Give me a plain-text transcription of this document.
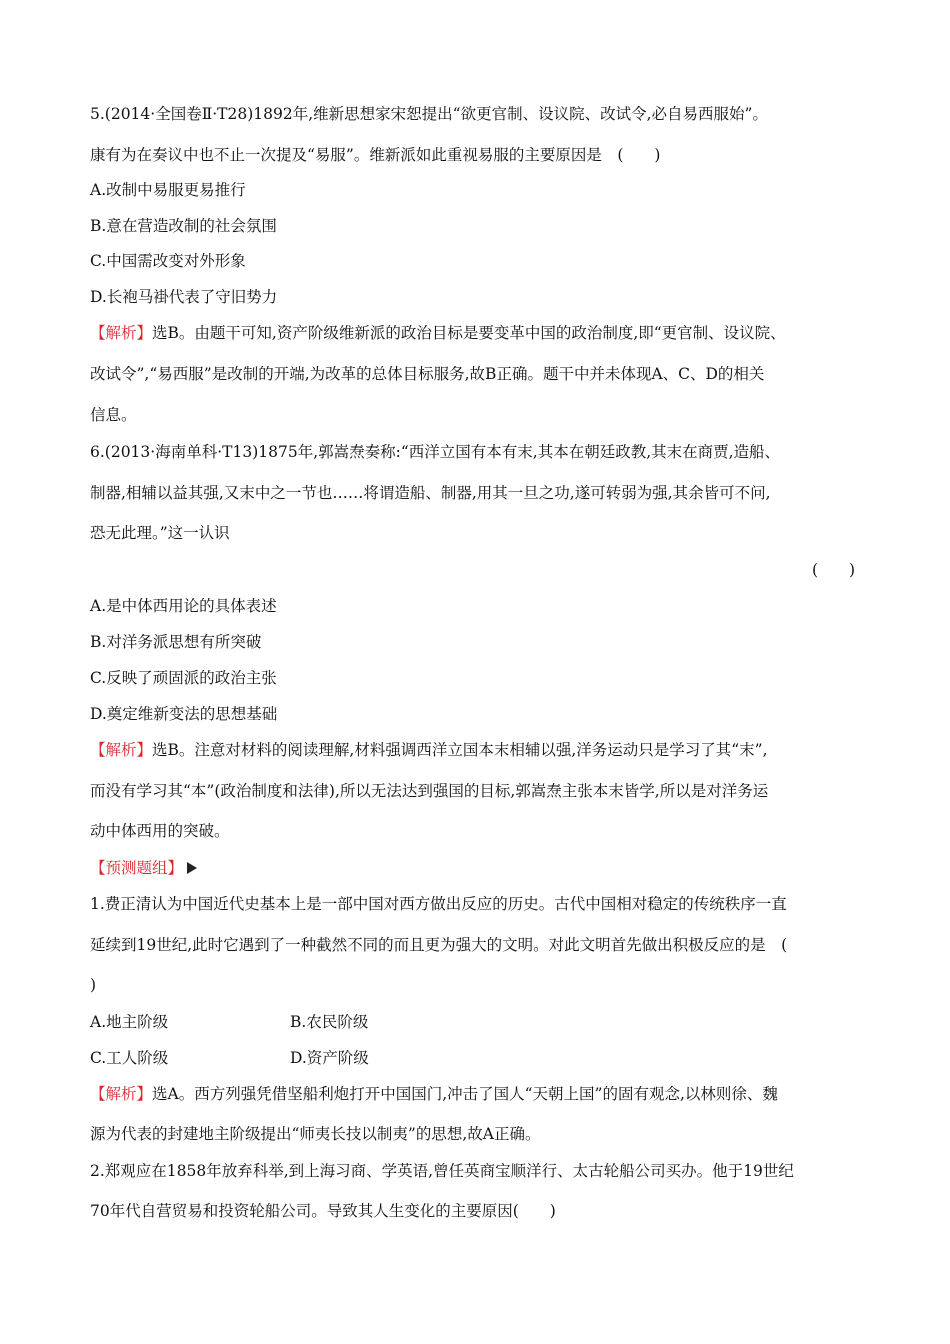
5.(2014·全国卷Ⅱ·T28)1892年,维新思想家宋恕提出“欲更官制、设议院、改试令,必自易西服始”。
康有为在奏议中也不止一次提及“易服”。维新派如此重视易服的主要原因是　(　　)
A.改制中易服更易推行
B.意在营造改制的社会氛围
C.中国需改变对外形象
D.长袍马褂代表了守旧势力
【解析】选B。由题干可知,资产阶级维新派的政治目标是要变革中国的政治制度,即“更官制、设议院、
改试令”,“易西服”是改制的开端,为改革的总体目标服务,故B正确。题干中并未体现A、C、D的相关
信息。
6.(2013·海南单科·T13)1875年,郭嵩焘奏称:“西洋立国有本有末,其本在朝廷政教,其末在商贾,造船、
制器,相辅以益其强,又末中之一节也……将谓造船、制器,用其一旦之功,遂可转弱为强,其余皆可不问,
恐无此理。”这一认识
(　　)
A.是中体西用论的具体表述
B.对洋务派思想有所突破
C.反映了顽固派的政治主张
D.奠定维新变法的思想基础
【解析】选B。注意对材料的阅读理解,材料强调西洋立国本末相辅以强,洋务运动只是学习了其“末”,
而没有学习其“本”(政治制度和法律),所以无法达到强国的目标,郭嵩焘主张本末皆学,所以是对洋务运
动中体西用的突破。
【预测题组】
1.费正清认为中国近代史基本上是一部中国对西方做出反应的历史。古代中国相对稳定的传统秩序一直
延续到19世纪,此时它遇到了一种截然不同的而且更为强大的文明。对此文明首先做出积极反应的是　(
)
A.地主阶级	B.农民阶级
C.工人阶级	D.资产阶级
【解析】选A。西方列强凭借坚船利炮打开中国国门,冲击了国人“天朝上国”的固有观念,以林则徐、魏
源为代表的封建地主阶级提出“师夷长技以制夷”的思想,故A正确。
2.郑观应在1858年放弃科举,到上海习商、学英语,曾任英商宝顺洋行、太古轮船公司买办。他于19世纪
70年代自营贸易和投资轮船公司。导致其人生变化的主要原因(　　)
